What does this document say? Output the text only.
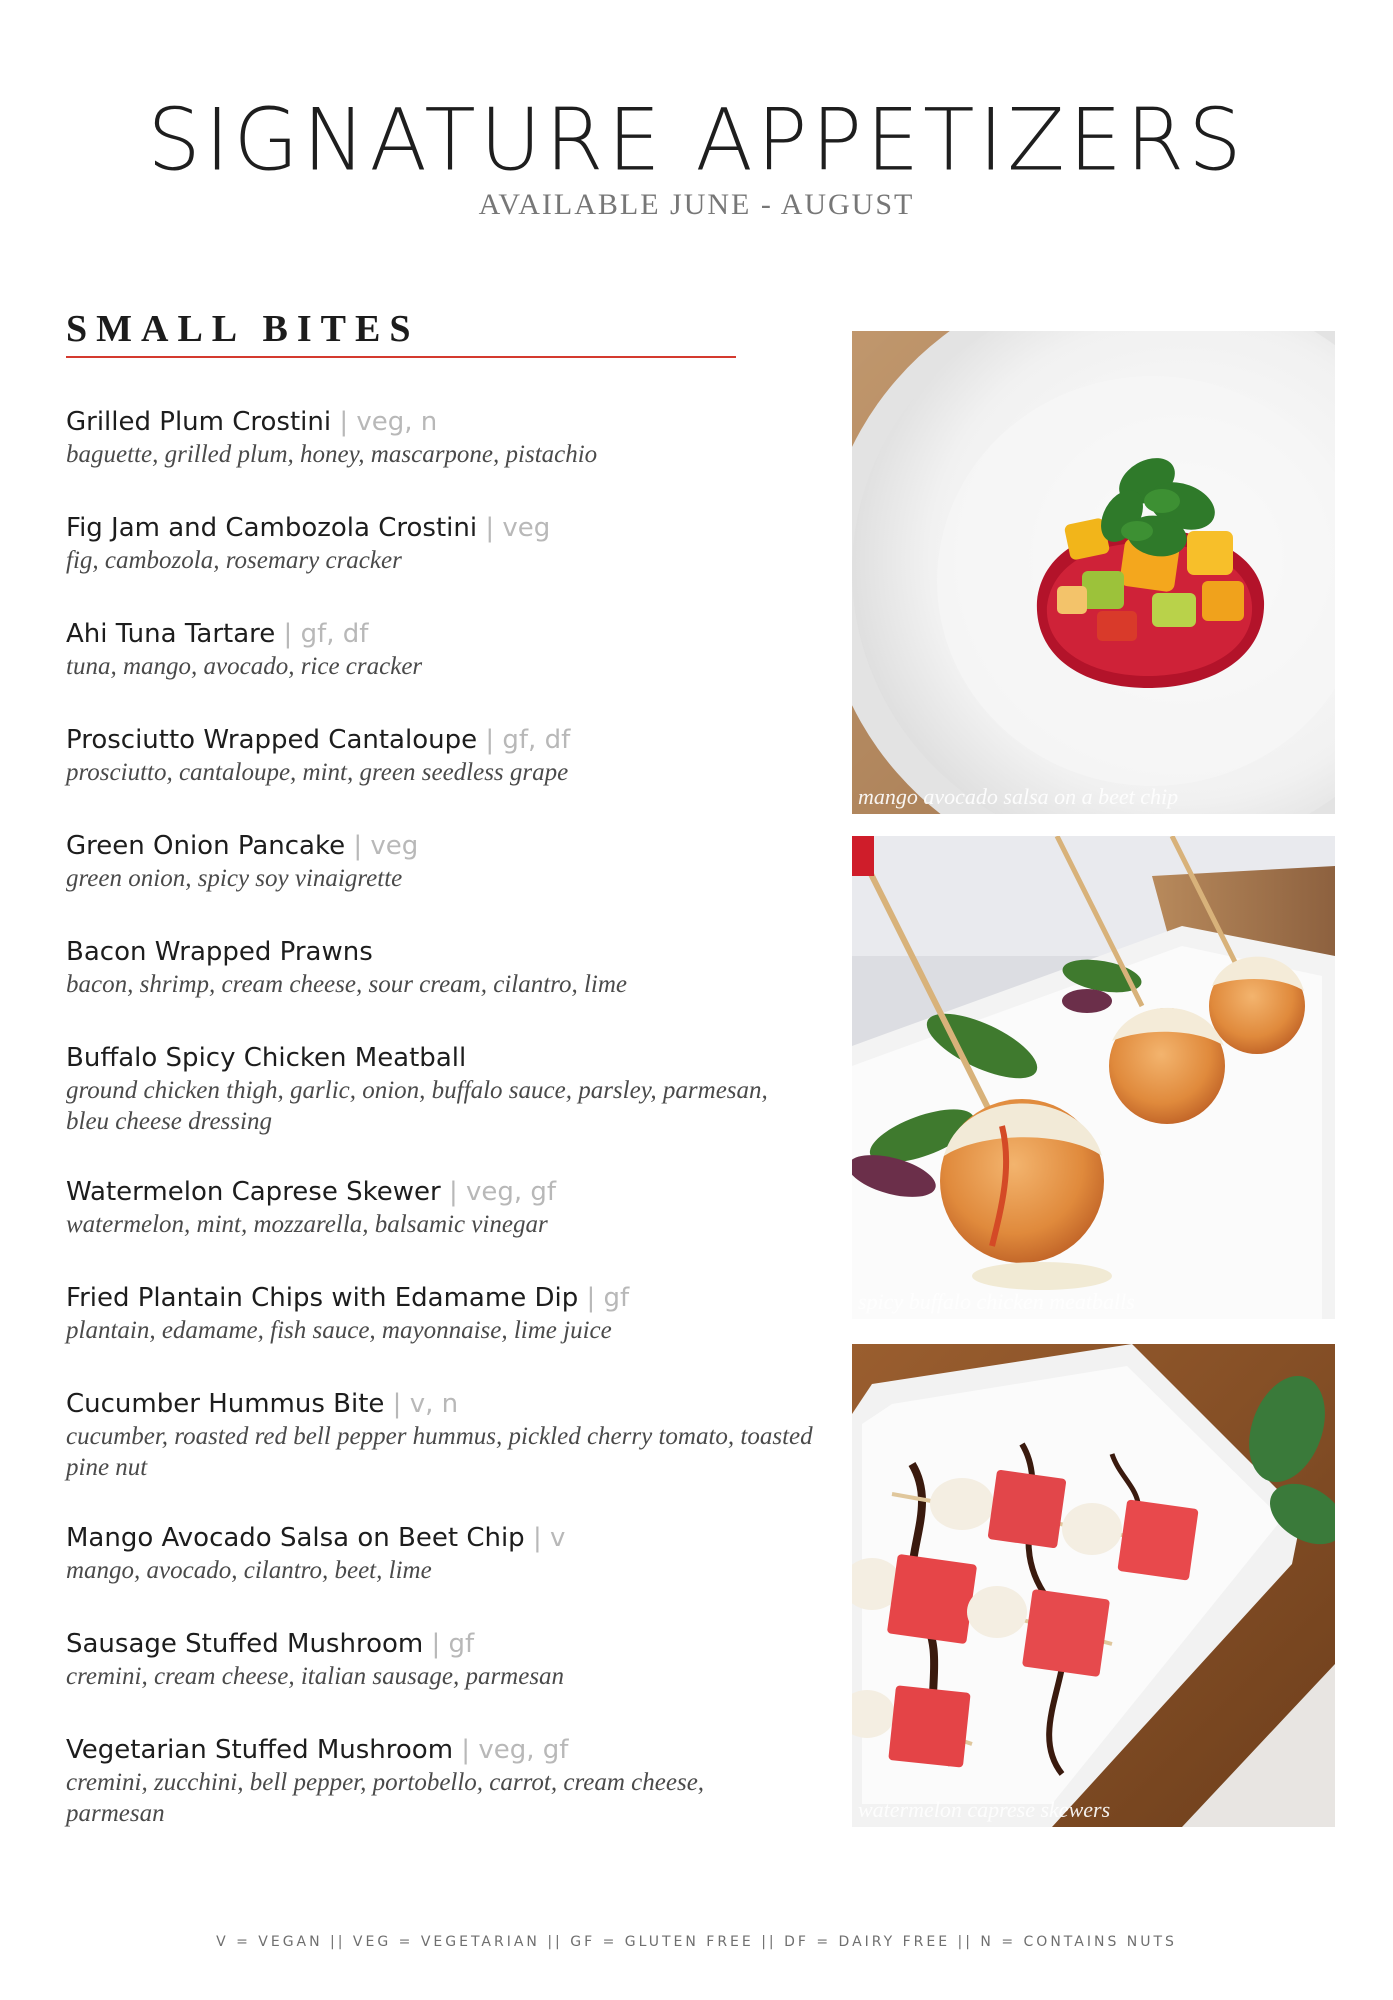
SIGNATURE APPETIZERS
AVAILABLE JUNE - AUGUST
SMALL BITES
Grilled Plum Crostini | veg, n
baguette, grilled plum, honey, mascarpone, pistachio
Fig Jam and Cambozola Crostini | veg
fig, cambozola, rosemary cracker
Ahi Tuna Tartare | gf, df
tuna, mango, avocado, rice cracker
Prosciutto Wrapped Cantaloupe | gf, df
prosciutto, cantaloupe, mint, green seedless grape
Green Onion Pancake | veg
green onion, spicy soy vinaigrette
Bacon Wrapped Prawns
bacon, shrimp, cream cheese, sour cream, cilantro, lime
Buffalo Spicy Chicken Meatball
ground chicken thigh, garlic, onion, buffalo sauce, parsley, parmesan, bleu cheese dressing
Watermelon Caprese Skewer | veg, gf
watermelon, mint, mozzarella, balsamic vinegar
Fried Plantain Chips with Edamame Dip | gf
plantain, edamame, fish sauce, mayonnaise, lime juice
Cucumber Hummus Bite | v, n
cucumber, roasted red bell pepper hummus, pickled cherry tomato, toasted pine nut
Mango Avocado Salsa on Beet Chip | v
mango, avocado, cilantro, beet, lime
Sausage Stuffed Mushroom | gf
cremini, cream cheese, italian sausage, parmesan
Vegetarian Stuffed Mushroom | veg, gf
cremini, zucchini, bell pepper, portobello, carrot, cream cheese, parmesan
mango avocado salsa on a beet chip
spicy buffalo chicken meatballs
watermelon caprese skewers
V = VEGAN || VEG = VEGETARIAN || GF = GLUTEN FREE || DF = DAIRY FREE || N = CONTAINS NUTS
